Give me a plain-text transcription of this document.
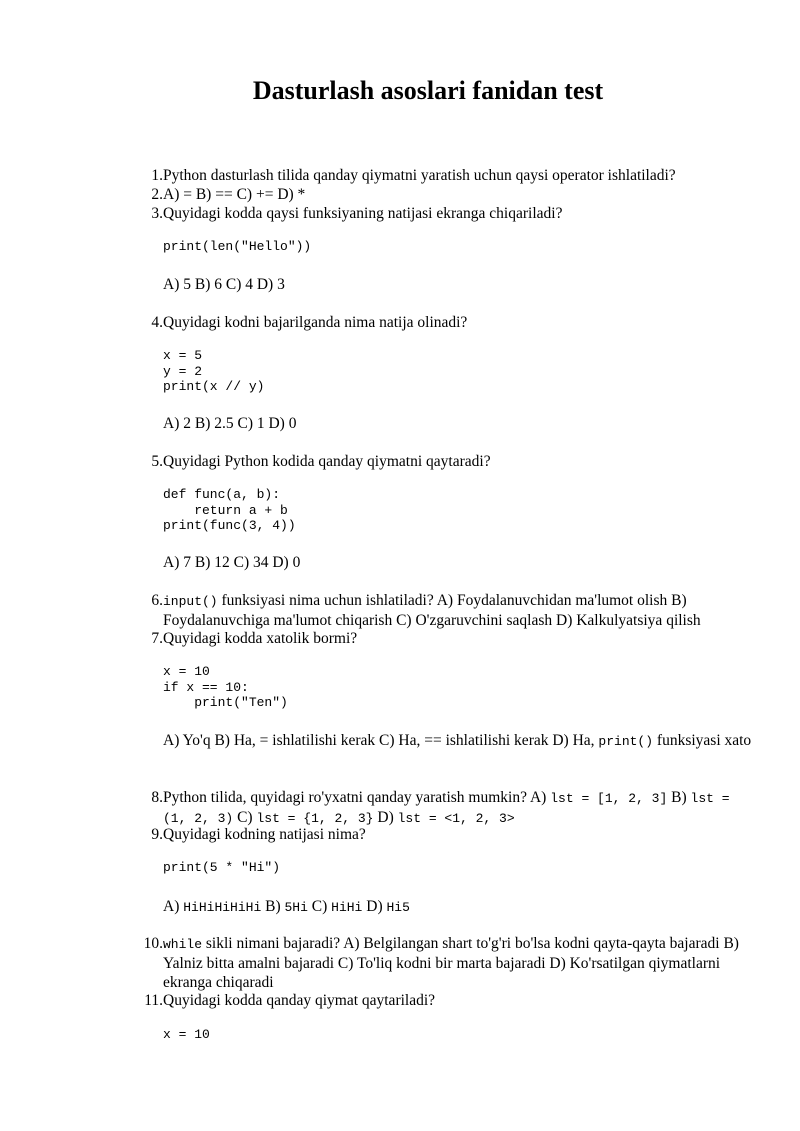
Dasturlash asoslari fanidan test
1. Python dasturlash tilida qanday qiymatni yaratish uchun qaysi operator ishlatiladi?
2. A) = B) == C) += D) *
3. Quyidagi kodda qaysi funksiyaning natijasi ekranga chiqariladi?
print(len("Hello"))
A) 5 B) 6 C) 4 D) 3
4. Quyidagi kodni bajarilganda nima natija olinadi?
x = 5
y = 2
print(x // y)
A) 2 B) 2.5 C) 1 D) 0
5. Quyidagi Python kodida qanday qiymatni qaytaradi?
def func(a, b):
return a + b
print(func(3, 4))
A) 7 B) 12 C) 34 D) 0
6. input() funksiyasi nima uchun ishlatiladi? A) Foydalanuvchidan ma'lumot olish B) Foydalanuvchiga ma'lumot chiqarish C) O'zgaruvchini saqlash D) Kalkulyatsiya qilish
7. Quyidagi kodda xatolik bormi?
x = 10
if x == 10:
print("Ten")
A) Yo'q B) Ha, = ishlatilishi kerak C) Ha, == ishlatilishi kerak D) Ha, print() funksiyasi xato
8. Python tilida, quyidagi ro'yxatni qanday yaratish mumkin? A) lst = [1, 2, 3] B) lst = (1, 2, 3) C) lst = {1, 2, 3} D) lst = <1, 2, 3>
9. Quyidagi kodning natijasi nima?
print(5 * "Hi")
A) HiHiHiHiHi B) 5Hi C) HiHi D) Hi5
10. while sikli nimani bajaradi? A) Belgilangan shart to'g'ri bo'lsa kodni qayta-qayta bajaradi B) Yalniz bitta amalni bajaradi C) To'liq kodni bir marta bajaradi D) Ko'rsatilgan qiymatlarni ekranga chiqaradi
11. Quyidagi kodda qanday qiymat qaytariladi?
x = 10
